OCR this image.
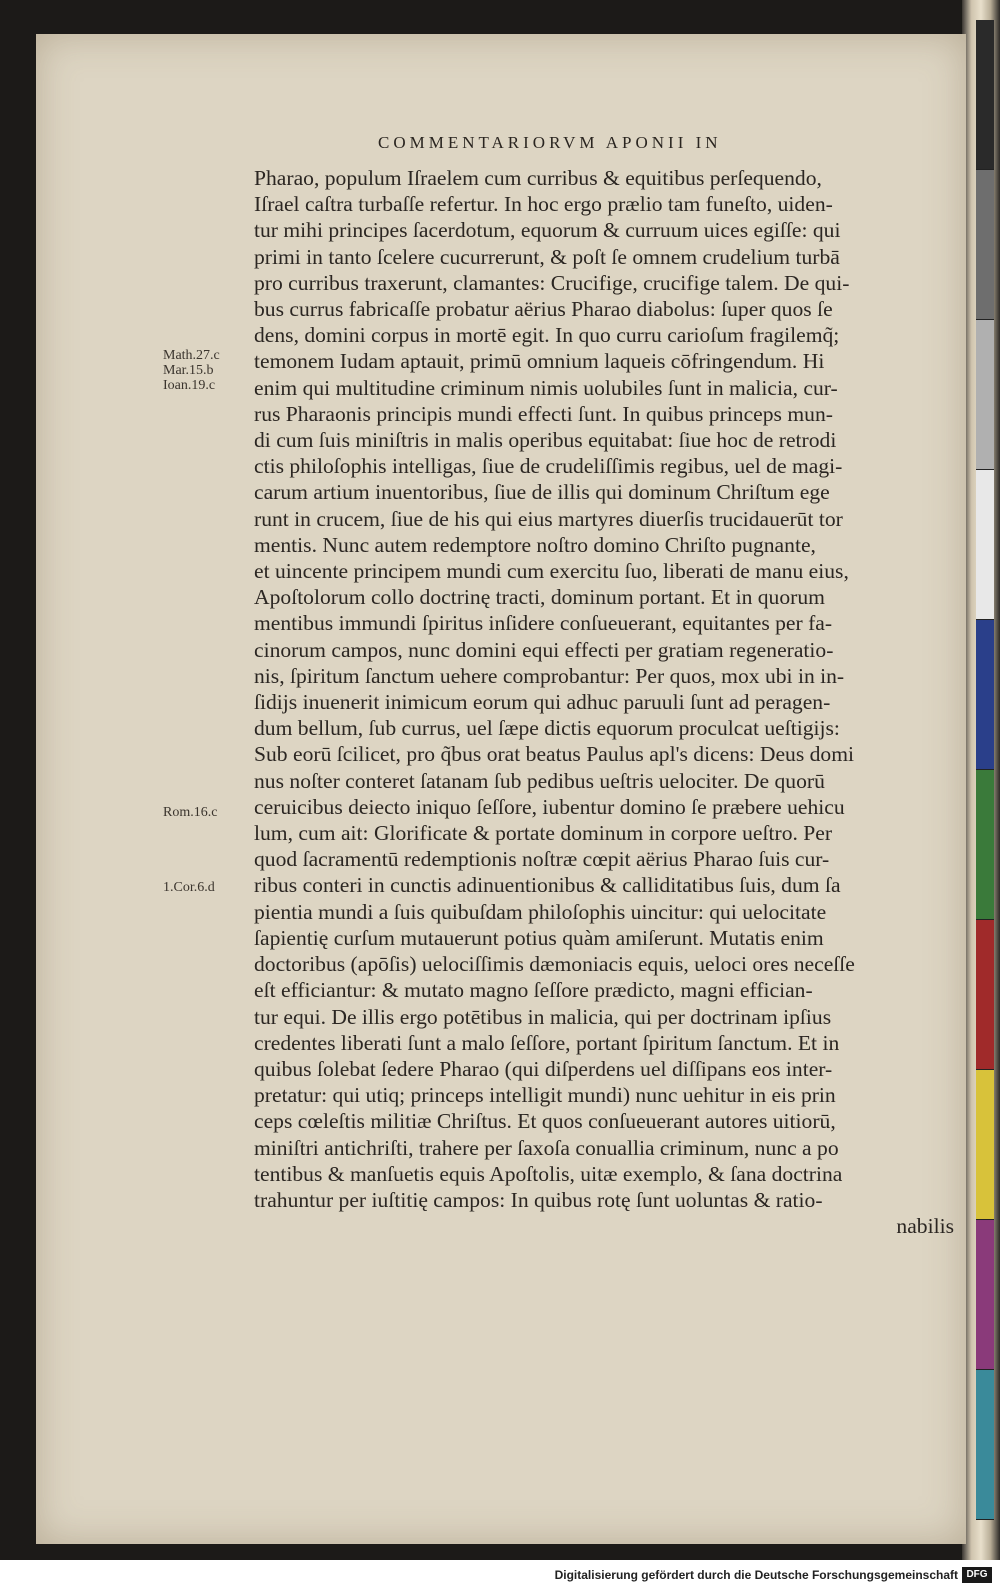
COMMENTARIORVM APONII IN
Pharao, populum Iſraelem cum curribus & equitibus perſequendo,
Iſrael caſtra turbaſſe refertur. In hoc ergo prælio tam funeſto, uiden-
tur mihi principes ſacerdotum, equorum & curruum uices egiſſe: qui
primi in tanto ſcelere cucurrerunt, & poſt ſe omnem crudelium turbā
pro curribus traxerunt, clamantes: Crucifige, crucifige talem. De qui-
bus currus fabricaſſe probatur aërius Pharao diabolus: ſuper quos ſe
dens, domini corpus in mortē egit. In quo curru carioſum fragilemq̃;
temonem Iudam aptauit, primū omnium laqueis cōfringendum. Hi
enim qui multitudine criminum nimis uolubiles ſunt in malicia, cur-
rus Pharaonis principis mundi effecti ſunt. In quibus princeps mun-
di cum ſuis miniſtris in malis operibus equitabat: ſiue hoc de retrodi
ctis philoſophis intelligas, ſiue de crudeliſſimis regibus, uel de magi-
carum artium inuentoribus, ſiue de illis qui dominum Chriſtum ege
runt in crucem, ſiue de his qui eius martyres diuerſis trucidauerūt tor
mentis. Nunc autem redemptore noſtro domino Chriſto pugnante,
et uincente principem mundi cum exercitu ſuo, liberati de manu eius,
Apoſtolorum collo doctrinę tracti, dominum portant. Et in quorum
mentibus immundi ſpiritus inſidere conſueuerant, equitantes per fa-
cinorum campos, nunc domini equi effecti per gratiam regeneratio-
nis, ſpiritum ſanctum uehere comprobantur: Per quos, mox ubi in in-
ſidijs inuenerit inimicum eorum qui adhuc paruuli ſunt ad peragen-
dum bellum, ſub currus, uel ſæpe dictis equorum proculcat ueſtigijs:
Sub eorū ſcilicet, pro q̃bus orat beatus Paulus apl's dicens: Deus domi
nus noſter conteret ſatanam ſub pedibus ueſtris uelociter. De quorū
ceruicibus deiecto iniquo ſeſſore, iubentur domino ſe præbere uehicu
lum, cum ait: Glorificate & portate dominum in corpore ueſtro. Per
quod ſacramentū redemptionis noſtræ cœpit aërius Pharao ſuis cur-
ribus conteri in cunctis adinuentionibus & calliditatibus ſuis, dum ſa
pientia mundi a ſuis quibuſdam philoſophis uincitur: qui uelocitate
ſapientię curſum mutauerunt potius quàm amiſerunt. Mutatis enim
doctoribus (apōſis) uelociſſimis dæmoniacis equis, ueloci ores neceſſe
eſt efficiantur: & mutato magno ſeſſore prædicto, magni effician-
tur equi. De illis ergo potētibus in malicia, qui per doctrinam ipſius
credentes liberati ſunt a malo ſeſſore, portant ſpiritum ſanctum. Et in
quibus ſolebat ſedere Pharao (qui diſperdens uel diſſipans eos inter-
pretatur: qui utiq; princeps intelligit mundi) nunc uehitur in eis prin
ceps cœleſtis militiæ Chriſtus. Et quos conſueuerant autores uitiorū,
miniſtri antichriſti, trahere per ſaxoſa conuallia criminum, nunc a po
tentibus & manſuetis equis Apoſtolis, uitæ exemplo, & ſana doctrina
trahuntur per iuſtitię campos: In quibus rotę ſunt uoluntas & ratio-
nabilis
Math.27.c
Mar.15.b
Ioan.19.c
Rom.16.c
1.Cor.6.d
Digitalisierung gefördert durch die Deutsche Forschungsgemeinschaft DFG
